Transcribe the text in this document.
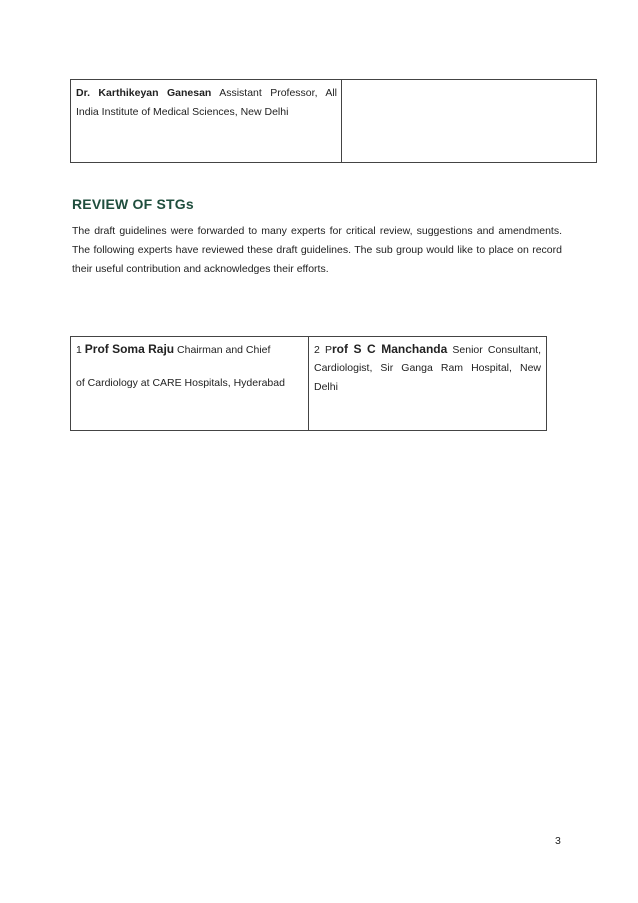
Dr. Karthikeyan Ganesan Assistant Professor, All
India Institute of Medical Sciences, New Delhi

REVIEW OF STGs

The draft guidelines were forwarded to many experts for critical review, suggestions and amendments. The following experts have reviewed these draft guidelines. The sub group would like to place on record their useful contribution and acknowledges their efforts.

1 Prof Soma Raju Chairman and Chief
of Cardiology at CARE Hospitals, Hyderabad

2 Prof S C Manchanda Senior Consultant,
Cardiologist, Sir Ganga Ram Hospital, New
Delhi
3
